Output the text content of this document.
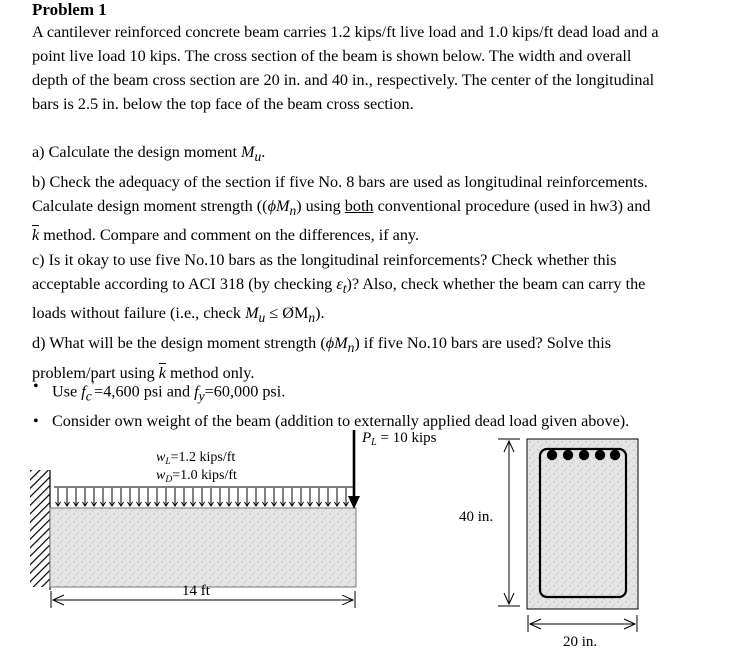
Problem 1

A cantilever reinforced concrete beam carries 1.2 kips/ft live load and 1.0 kips/ft dead load and a

point live load 10 kips. The cross section of the beam is shown below. The width and overall

depth of the beam cross section are 20 in. and 40 in., respectively. The center of the longitudinal

bars is 2.5 in. below the top face of the beam cross section.

a) Calculate the design moment $M_u$.

b) Check the adequacy of the section if five No. 8 bars are used as longitudinal reinforcements.

Calculate design moment strength ($(\phi M_n)$ using both conventional procedure (used in hw3) and

k method. Compare and comment on the differences, if any.

c) Is it okay to use five No.10 bars as the longitudinal reinforcements? Check whether this

acceptable according to ACI 318 (by checking $\varepsilon_t$)? Also, check whether the beam can carry the

loads without failure (i.e., check $M_u$ ≤ $ØM_n$).

d) What will be the design moment strength $(\phi M_n)$ if five No.10 bars are used? Solve this

problem/part using k method only.

• Use $f_c'=4,600$ psi and $f_y=60,000$ psi.
• Consider own weight of the beam (addition to externally applied dead load given above).
$P_L = 10$ kips
$w_L=1.2$ kips/ft
$w_D=1.0$ kips/ft
14 ft
40 in.
20 in.
